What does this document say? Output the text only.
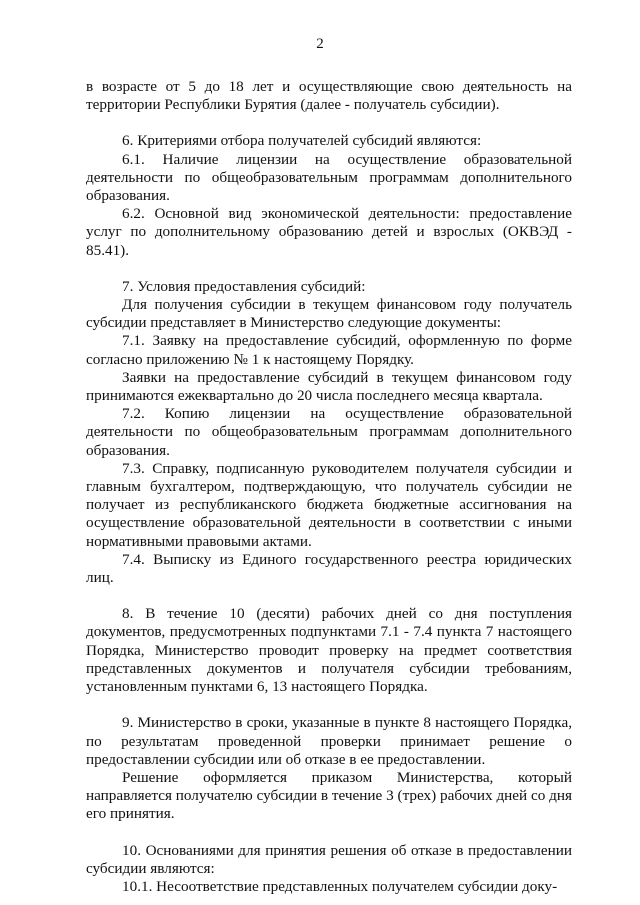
2

в возрасте от 5 до 18 лет и осуществляющие свою деятельность на территории Республики Бурятия (далее - получатель субсидии).

6. Критериями отбора получателей субсидий являются:

6.1. Наличие лицензии на осуществление образовательной деятельности по общеобразовательным программам дополнительного образования.

6.2. Основной вид экономической деятельности: предоставление услуг по дополнительному образованию детей и взрослых (ОКВЭД - 85.41).

7. Условия предоставления субсидий:

Для получения субсидии в текущем финансовом году получатель субсидии представляет в Министерство следующие документы:

7.1. Заявку на предоставление субсидий, оформленную по форме согласно приложению № 1 к настоящему Порядку.

Заявки на предоставление субсидий в текущем финансовом году принимаются ежеквартально до 20 числа последнего месяца квартала.

7.2. Копию лицензии на осуществление образовательной деятельности по общеобразовательным программам дополнительного образования.

7.3. Справку, подписанную руководителем получателя субсидии и главным бухгалтером, подтверждающую, что получатель субсидии не получает из республиканского бюджета бюджетные ассигнования на осуществление образовательной деятельности в соответствии с иными нормативными правовыми актами.

7.4. Выписку из Единого государственного реестра юридических лиц.

8. В течение 10 (десяти) рабочих дней со дня поступления документов, предусмотренных подпунктами 7.1 - 7.4 пункта 7 настоящего Порядка, Министерство проводит проверку на предмет соответствия представленных документов и получателя субсидии требованиям, установленным пунктами 6, 13 настоящего Порядка.

9. Министерство в сроки, указанные в пункте 8 настоящего Порядка, по результатам проведенной проверки принимает решение о предоставлении субсидии или об отказе в ее предоставлении.

Решение оформляется приказом Министерства, который направляется получателю субсидии в течение 3 (трех) рабочих дней со дня его принятия.

10. Основаниями для принятия решения об отказе в предоставлении субсидии являются:

10.1. Несоответствие представленных получателем субсидии доку-
